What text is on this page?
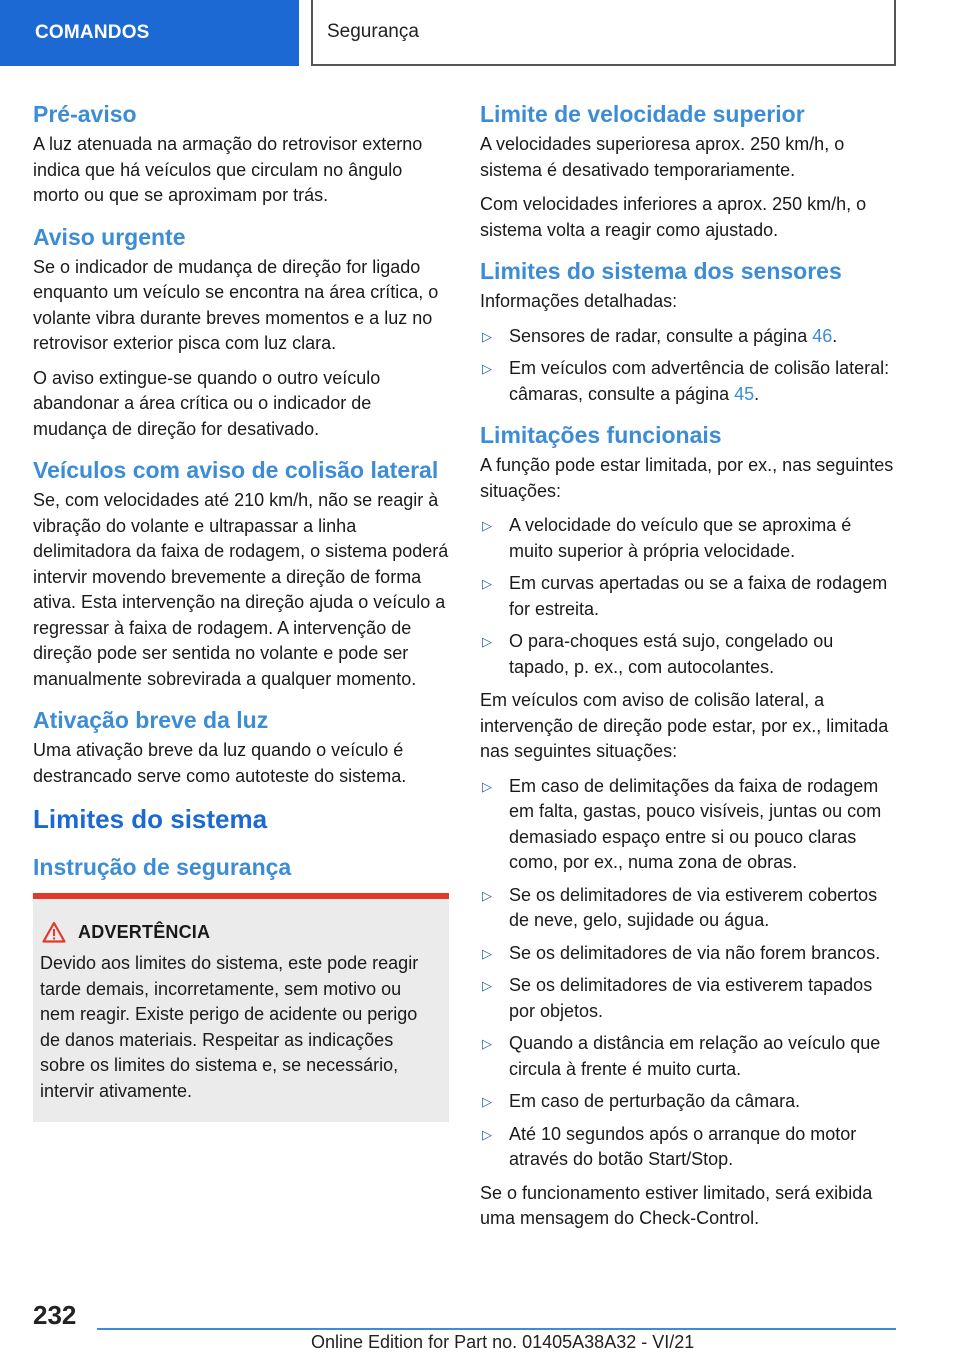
COMANDOS	Segurança
Pré-aviso

A luz atenuada na armação do retrovisor externo indica que há veículos que circulam no ângulo morto ou que se aproximam por trás.

Aviso urgente

Se o indicador de mudança de direção for ligado enquanto um veículo se encontra na área crítica, o volante vibra durante breves momentos e a luz no retrovisor exterior pisca com luz clara.

O aviso extingue-se quando o outro veículo abandonar a área crítica ou o indicador de mudança de direção for desativado.

Veículos com aviso de colisão lateral

Se, com velocidades até 210 km/h, não se reagir à vibração do volante e ultrapassar a linha delimitadora da faixa de rodagem, o sistema poderá intervir movendo brevemente a direção de forma ativa. Esta intervenção na direção ajuda o veículo a regressar à faixa de rodagem. A intervenção de direção pode ser sentida no volante e pode ser manualmente sobrevirada a qualquer momento.

Ativação breve da luz

Uma ativação breve da luz quando o veículo é destrancado serve como autoteste do sistema.

Limites do sistema
Instrução de segurança
ADVERTÊNCIA

Devido aos limites do sistema, este pode reagir tarde demais, incorretamente, sem motivo ou nem reagir. Existe perigo de acidente ou perigo de danos materiais. Respeitar as indicações sobre os limites do sistema e, se necessário, intervir ativamente.

Limite de velocidade superior

A velocidades superioresa aprox. 250 km/h, o sistema é desativado temporariamente.

Com velocidades inferiores a aprox. 250 km/h, o sistema volta a reagir como ajustado.

Limites do sistema dos sensores

Informações detalhadas:

▷ Sensores de radar, consulte a página 46.
▷ Em veículos com advertência de colisão lateral: câmaras, consulte a página 45.
Limitações funcionais

A função pode estar limitada, por ex., nas seguintes situações:

▷ A velocidade do veículo que se aproxima é muito superior à própria velocidade.
▷ Em curvas apertadas ou se a faixa de rodagem for estreita.
▷ O para-choques está sujo, congelado ou tapado, p. ex., com autocolantes.

Em veículos com aviso de colisão lateral, a intervenção de direção pode estar, por ex., limitada nas seguintes situações:

▷ Em caso de delimitações da faixa de rodagem em falta, gastas, pouco visíveis, juntas ou com demasiado espaço entre si ou pouco claras como, por ex., numa zona de obras.
▷ Se os delimitadores de via estiverem cobertos de neve, gelo, sujidade ou água.
▷ Se os delimitadores de via não forem brancos.
▷ Se os delimitadores de via estiverem tapados por objetos.
▷ Quando a distância em relação ao veículo que circula à frente é muito curta.
▷ Em caso de perturbação da câmara.
▷ Até 10 segundos após o arranque do motor através do botão Start/Stop.

Se o funcionamento estiver limitado, será exibida uma mensagem do Check-Control.

232
Online Edition for Part no. 01405A38A32 - VI/21
